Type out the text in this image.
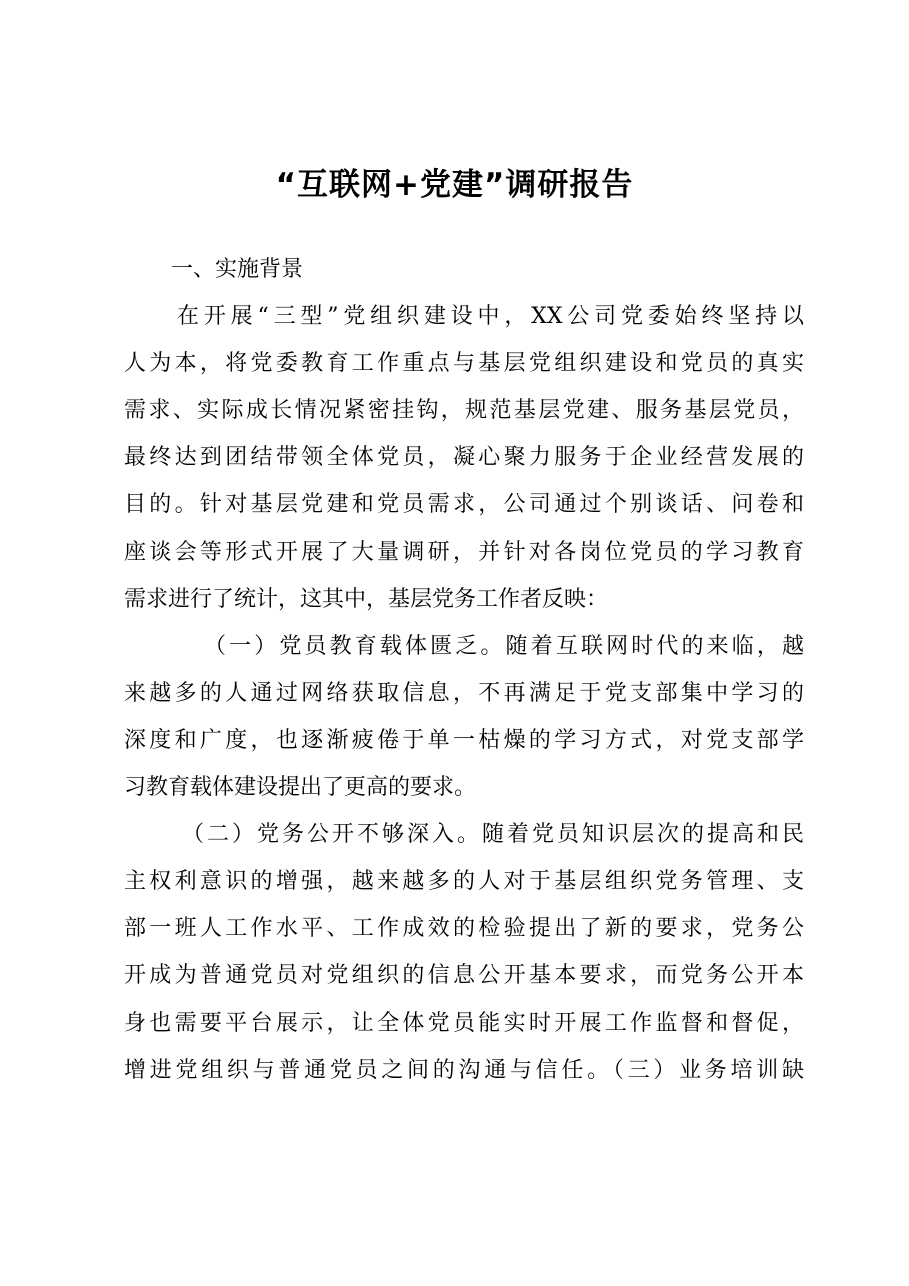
“互联网+党建”调研报告
一、实施背景
在开展“三型”党组织建设中，XX公司党委始终坚持以
人为本，将党委教育工作重点与基层党组织建设和党员的真实
需求、实际成长情况紧密挂钩，规范基层党建、服务基层党员，
最终达到团结带领全体党员，凝心聚力服务于企业经营发展的
目的。针对基层党建和党员需求，公司通过个别谈话、问卷和
座谈会等形式开展了大量调研，并针对各岗位党员的学习教育
需求进行了统计，这其中，基层党务工作者反映：
（一）党员教育载体匮乏。随着互联网时代的来临，越
来越多的人通过网络获取信息，不再满足于党支部集中学习的
深度和广度，也逐渐疲倦于单一枯燥的学习方式，对党支部学
习教育载体建设提出了更高的要求。
（二）党务公开不够深入。随着党员知识层次的提高和民
主权利意识的增强，越来越多的人对于基层组织党务管理、支
部一班人工作水平、工作成效的检验提出了新的要求，党务公
开成为普通党员对党组织的信息公开基本要求，而党务公开本
身也需要平台展示，让全体党员能实时开展工作监督和督促，
增进党组织与普通党员之间的沟通与信任。（三）业务培训缺
